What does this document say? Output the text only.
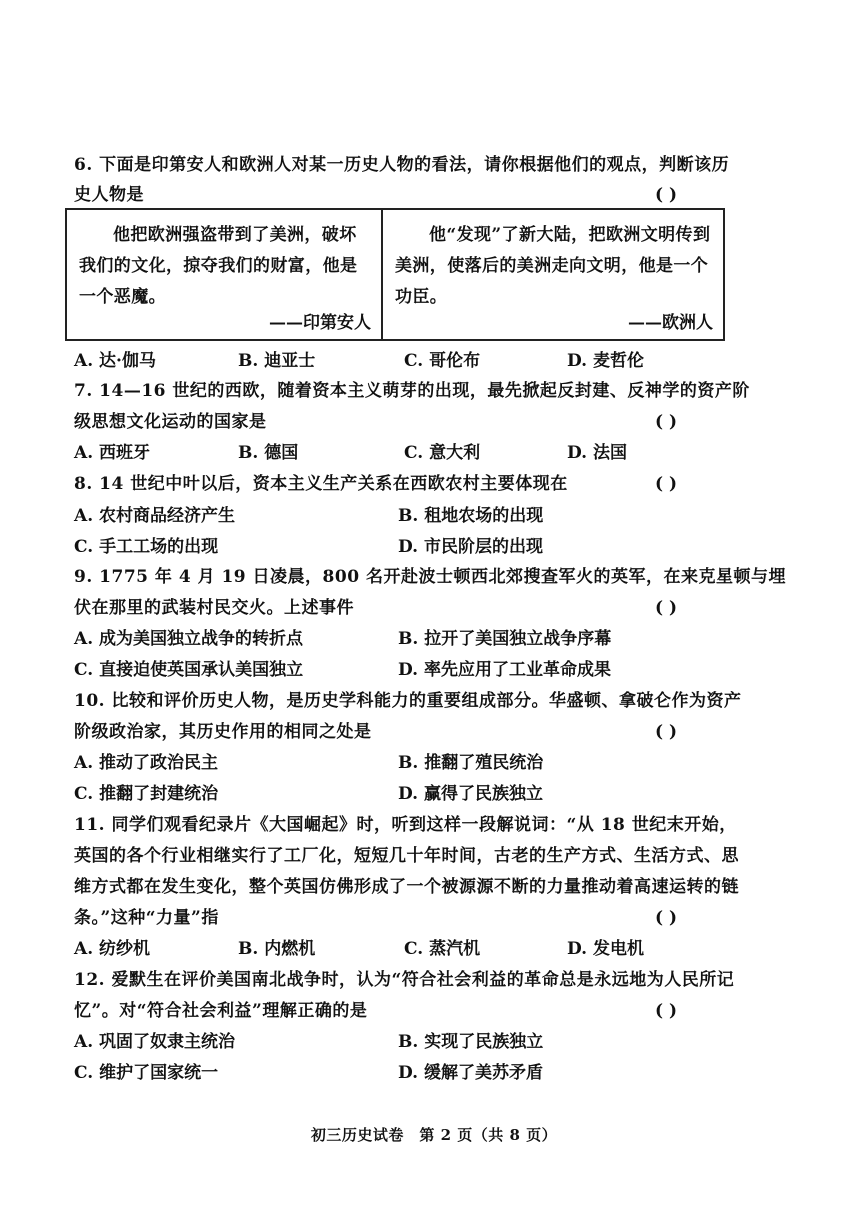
6. 下面是印第安人和欧洲人对某一历史人物的看法，请你根据他们的观点，判断该历
史人物是	( )
他把欧洲强盗带到了美洲，破坏我们的文化，掠夺我们的财富，他是一个恶魔。
——印第安人
他“发现”了新大陆，把欧洲文明传到美洲，使落后的美洲走向文明，他是一个功臣。
——欧洲人
A. 达·伽马	B. 迪亚士	C. 哥伦布	D. 麦哲伦
7. 14—16 世纪的西欧，随着资本主义萌芽的出现，最先掀起反封建、反神学的资产阶
级思想文化运动的国家是	( )
A. 西班牙	B. 德国	C. 意大利	D. 法国
8. 14 世纪中叶以后，资本主义生产关系在西欧农村主要体现在	( )
A. 农村商品经济产生	B. 租地农场的出现
C. 手工工场的出现	D. 市民阶层的出现
9. 1775 年 4 月 19 日凌晨，800 名开赴波士顿西北郊搜查军火的英军，在来克星顿与埋
伏在那里的武装村民交火。上述事件	( )
A. 成为美国独立战争的转折点	B. 拉开了美国独立战争序幕
C. 直接迫使英国承认美国独立	D. 率先应用了工业革命成果
10. 比较和评价历史人物，是历史学科能力的重要组成部分。华盛顿、拿破仑作为资产
阶级政治家，其历史作用的相同之处是	( )
A. 推动了政治民主	B. 推翻了殖民统治
C. 推翻了封建统治	D. 赢得了民族独立
11. 同学们观看纪录片《大国崛起》时，听到这样一段解说词：“从 18 世纪末开始，
英国的各个行业相继实行了工厂化，短短几十年时间，古老的生产方式、生活方式、思
维方式都在发生变化，整个英国仿佛形成了一个被源源不断的力量推动着高速运转的链
条。”这种“力量”指	( )
A. 纺纱机	B. 内燃机	C. 蒸汽机	D. 发电机
12. 爱默生在评价美国南北战争时，认为“符合社会利益的革命总是永远地为人民所记
忆”。对“符合社会利益”理解正确的是	( )
A. 巩固了奴隶主统治	B. 实现了民族独立
C. 维护了国家统一	D. 缓解了美苏矛盾
初三历史试卷　第 2 页（共 8 页）
